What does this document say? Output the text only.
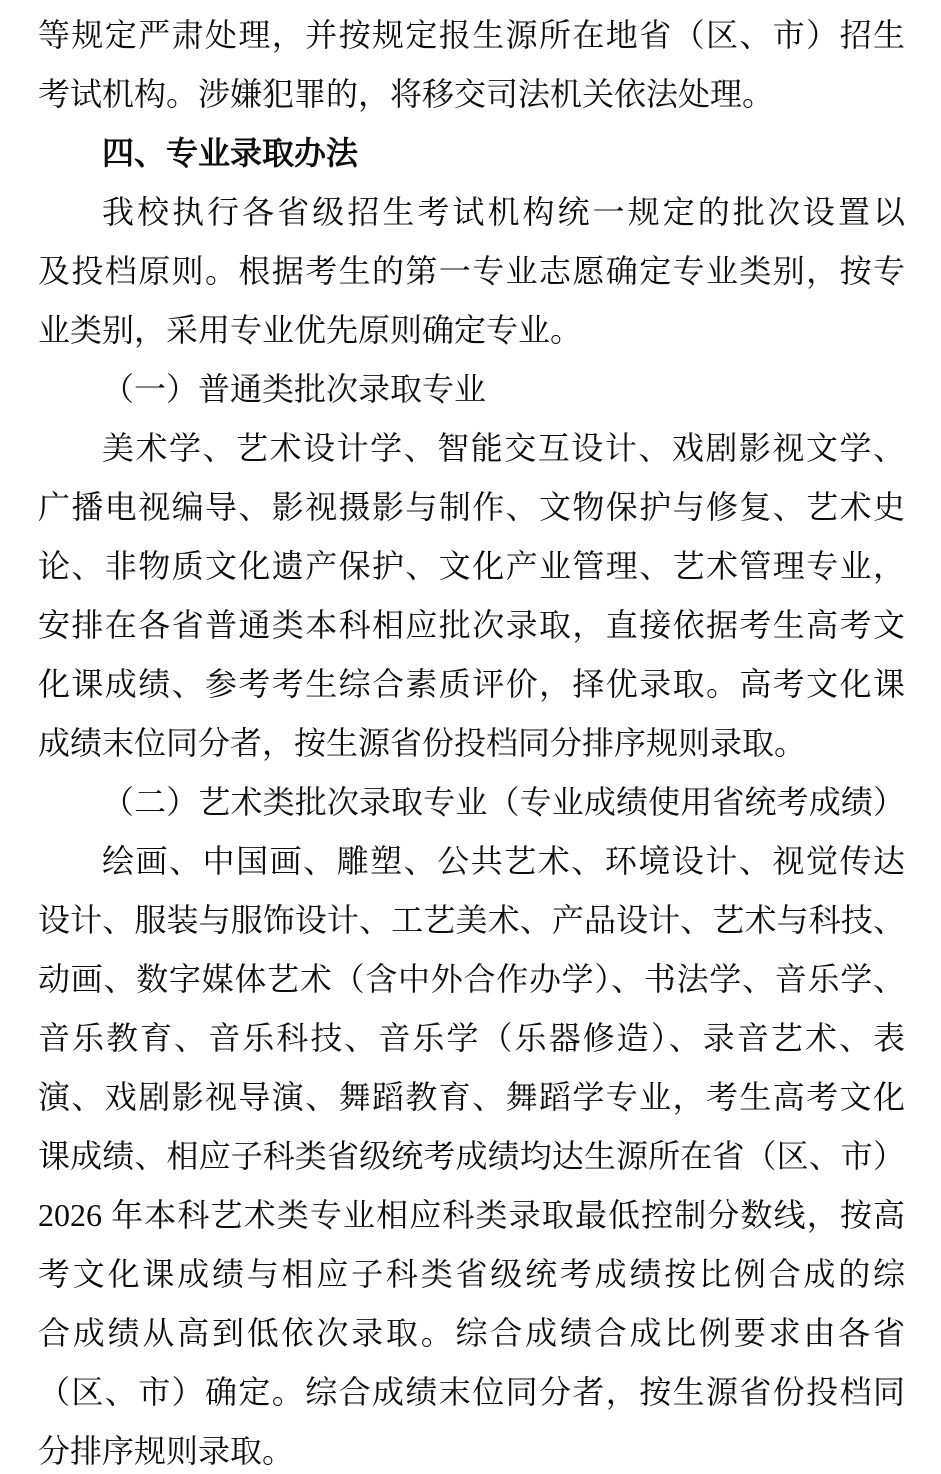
等规定严肃处理，并按规定报生源所在地省（区、市）招生
考试机构。涉嫌犯罪的，将移交司法机关依法处理。
四、专业录取办法
我校执行各省级招生考试机构统一规定的批次设置以
及投档原则。根据考生的第一专业志愿确定专业类别，按专
业类别，采用专业优先原则确定专业。
（一）普通类批次录取专业
美术学、艺术设计学、智能交互设计、戏剧影视文学、
广播电视编导、影视摄影与制作、文物保护与修复、艺术史
论、非物质文化遗产保护、文化产业管理、艺术管理专业，
安排在各省普通类本科相应批次录取，直接依据考生高考文
化课成绩、参考考生综合素质评价，择优录取。高考文化课
成绩末位同分者，按生源省份投档同分排序规则录取。
（二）艺术类批次录取专业（专业成绩使用省统考成绩）
绘画、中国画、雕塑、公共艺术、环境设计、视觉传达
设计、服装与服饰设计、工艺美术、产品设计、艺术与科技、
动画、数字媒体艺术（含中外合作办学）、书法学、音乐学、
音乐教育、音乐科技、音乐学（乐器修造）、录音艺术、表
演、戏剧影视导演、舞蹈教育、舞蹈学专业，考生高考文化
课成绩、相应子科类省级统考成绩均达生源所在省（区、市）
2026 年本科艺术类专业相应科类录取最低控制分数线，按高
考文化课成绩与相应子科类省级统考成绩按比例合成的综
合成绩从高到低依次录取。综合成绩合成比例要求由各省
（区、市）确定。综合成绩末位同分者，按生源省份投档同
分排序规则录取。
